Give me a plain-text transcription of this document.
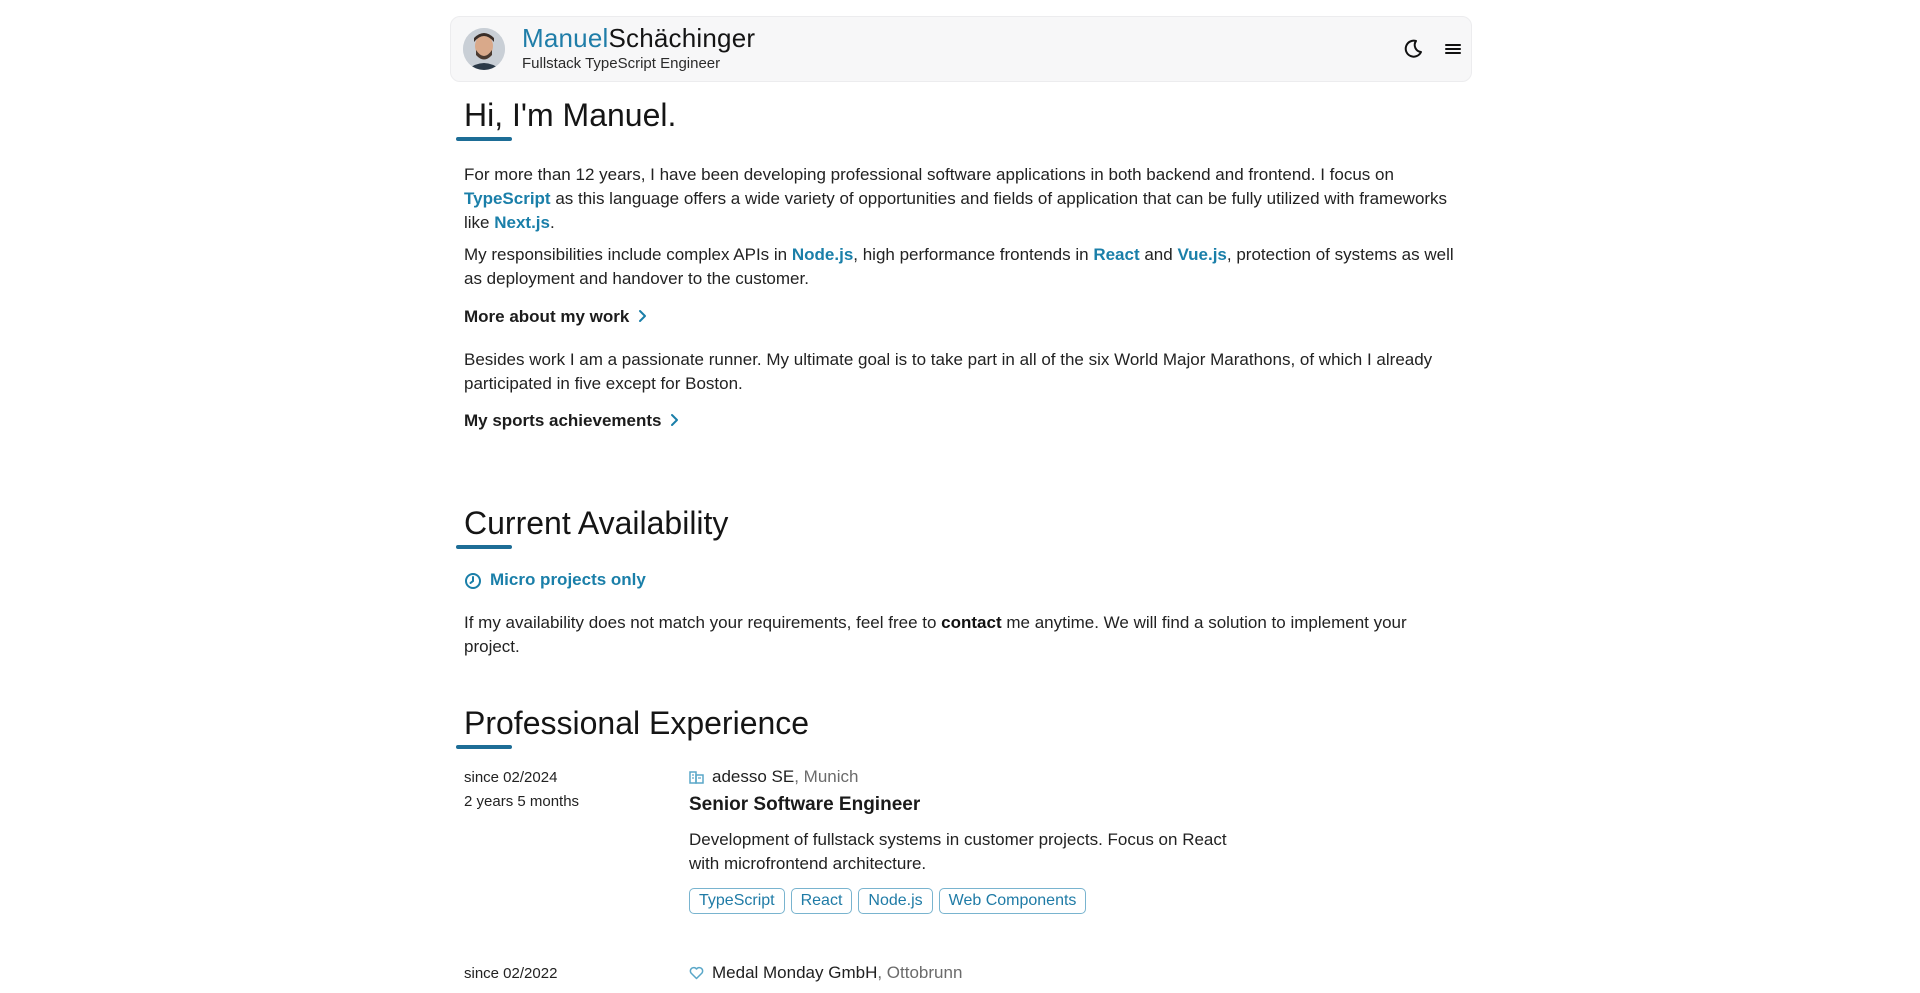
ManuelSchächinger
Fullstack TypeScript Engineer
Hi, I'm Manuel.

For more than 12 years, I have been developing professional software applications in both backend and frontend. I focus on TypeScript as this language offers a wide variety of opportunities and fields of application that can be fully utilized with frameworks like Next.js.

My responsibilities include complex APIs in Node.js, high performance frontends in React and Vue.js, protection of systems as well as deployment and handover to the customer.

More about my work

Besides work I am a passionate runner. My ultimate goal is to take part in all of the six World Major Marathons, of which I already participated in five except for Boston.

My sports achievements
Current Availability
Micro projects only

If my availability does not match your requirements, feel free to contact me anytime. We will find a solution to implement your project.

Professional Experience
since 02/2024
2 years 5 months
adesso SE, Munich
Senior Software Engineer
Development of fullstack systems in customer projects. Focus on React with microfrontend architecture.
TypeScript React Node.js Web Components
since 02/2022	Medal Monday GmbH, Ottobrunn
